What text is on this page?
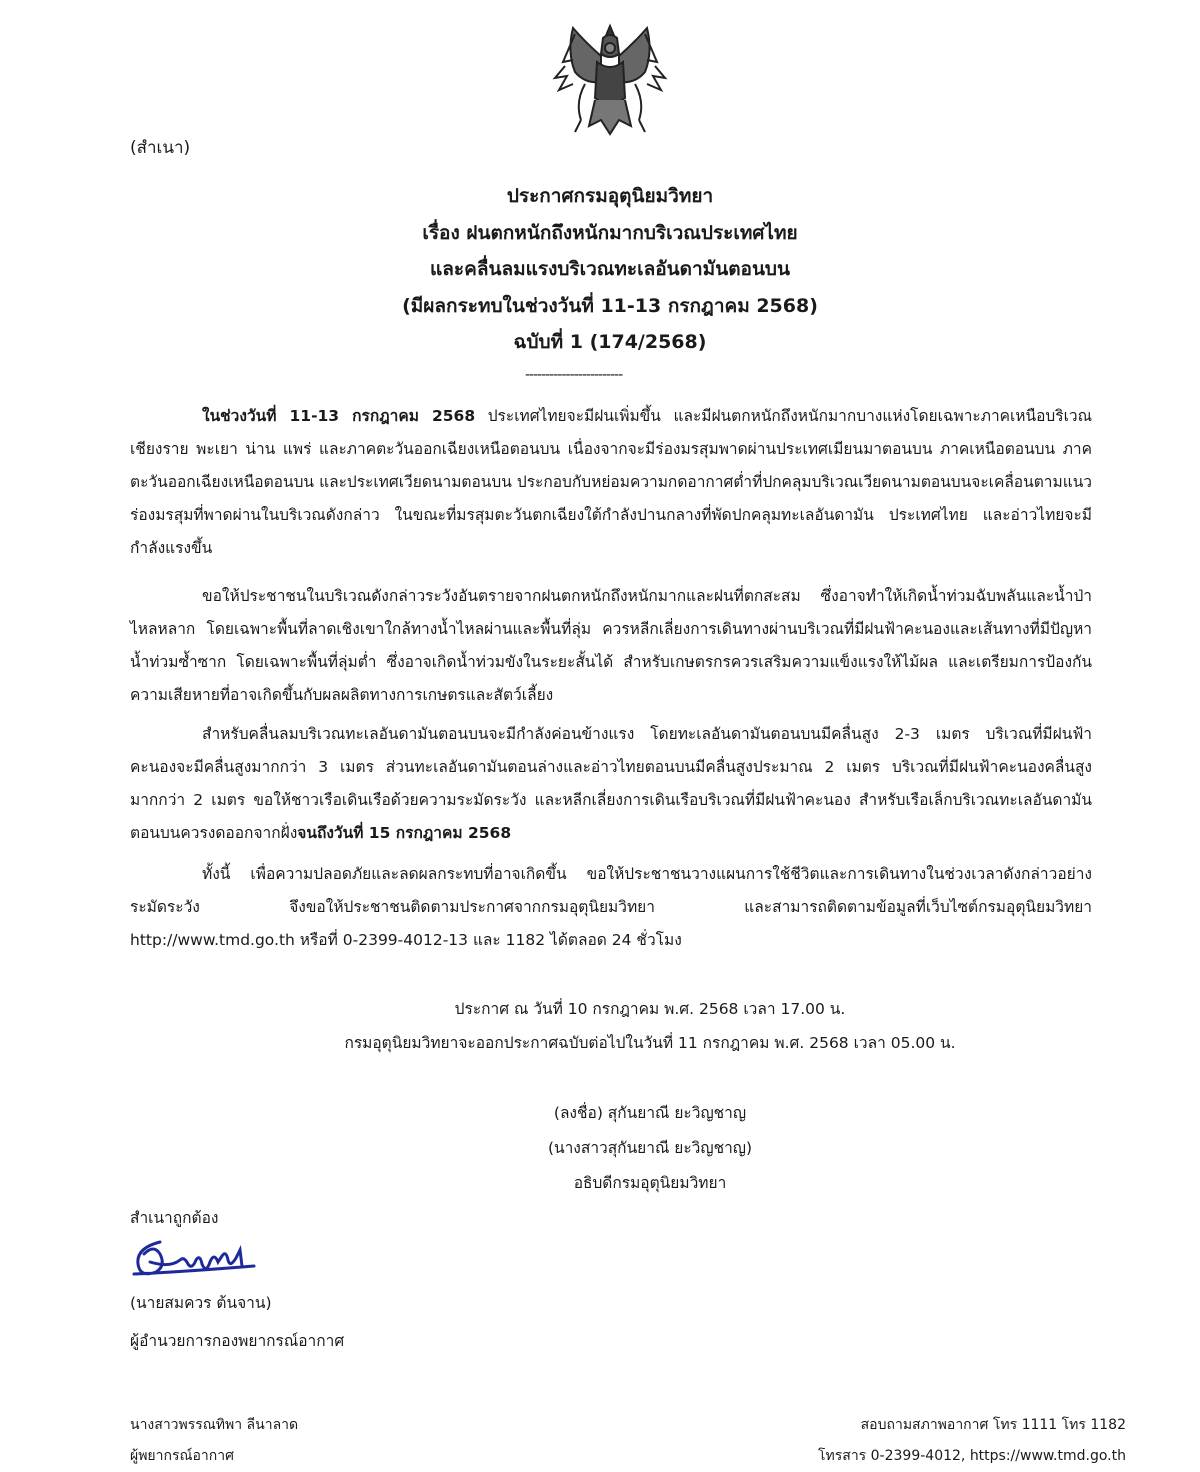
(สำเนา)
ประกาศกรมอุตุนิยมวิทยา
เรื่อง ฝนตกหนักถึงหนักมากบริเวณประเทศไทย
และคลื่นลมแรงบริเวณทะเลอันดามันตอนบน
(มีผลกระทบในช่วงวันที่ 11-13 กรกฎาคม 2568)
ฉบับที่ 1 (174/2568)
------------------------
ในช่วงวันที่ 11-13 กรกฎาคม 2568 ประเทศไทยจะมีฝนเพิ่มขึ้น และมีฝนตกหนักถึงหนักมากบางแห่งโดยเฉพาะภาคเหนือบริเวณเชียงราย พะเยา น่าน แพร่ และภาคตะวันออกเฉียงเหนือตอนบน เนื่องจากจะมีร่องมรสุมพาดผ่านประเทศเมียนมาตอนบน ภาคเหนือตอนบน ภาคตะวันออกเฉียงเหนือตอนบน และประเทศเวียดนามตอนบน ประกอบกับหย่อมความกดอากาศต่ำที่ปกคลุมบริเวณเวียดนามตอนบนจะเคลื่อนตามแนวร่องมรสุมที่พาดผ่านในบริเวณดังกล่าว ในขณะที่มรสุมตะวันตกเฉียงใต้กำลังปานกลางที่พัดปกคลุมทะเลอันดามัน ประเทศไทย และอ่าวไทยจะมีกำลังแรงขึ้น
ขอให้ประชาชนในบริเวณดังกล่าวระวังอันตรายจากฝนตกหนักถึงหนักมากและฝนที่ตกสะสม ซึ่งอาจทำให้เกิดน้ำท่วมฉับพลันและน้ำป่าไหลหลาก โดยเฉพาะพื้นที่ลาดเชิงเขาใกล้ทางน้ำไหลผ่านและพื้นที่ลุ่ม ควรหลีกเลี่ยงการเดินทางผ่านบริเวณที่มีฝนฟ้าคะนองและเส้นทางที่มีปัญหาน้ำท่วมซ้ำซาก โดยเฉพาะพื้นที่ลุ่มต่ำ ซึ่งอาจเกิดน้ำท่วมขังในระยะสั้นได้ สำหรับเกษตรกรควรเสริมความแข็งแรงให้ไม้ผล และเตรียมการป้องกันความเสียหายที่อาจเกิดขึ้นกับผลผลิตทางการเกษตรและสัตว์เลี้ยง
สำหรับคลื่นลมบริเวณทะเลอันดามันตอนบนจะมีกำลังค่อนข้างแรง โดยทะเลอันดามันตอนบนมีคลื่นสูง 2-3 เมตร บริเวณที่มีฝนฟ้าคะนองจะมีคลื่นสูงมากกว่า 3 เมตร ส่วนทะเลอันดามันตอนล่างและอ่าวไทยตอนบนมีคลื่นสูงประมาณ 2 เมตร บริเวณที่มีฝนฟ้าคะนองคลื่นสูงมากกว่า 2 เมตร ขอให้ชาวเรือเดินเรือด้วยความระมัดระวัง และหลีกเลี่ยงการเดินเรือบริเวณที่มีฝนฟ้าคะนอง สำหรับเรือเล็กบริเวณทะเลอันดามันตอนบนควรงดออกจากฝั่งจนถึงวันที่ 15 กรกฎาคม 2568
ทั้งนี้ เพื่อความปลอดภัยและลดผลกระทบที่อาจเกิดขึ้น ขอให้ประชาชนวางแผนการใช้ชีวิตและการเดินทางในช่วงเวลาดังกล่าวอย่างระมัดระวัง จึงขอให้ประชาชนติดตามประกาศจากกรมอุตุนิยมวิทยา และสามารถติดตามข้อมูลที่เว็บไซต์กรมอุตุนิยมวิทยา http://www.tmd.go.th หรือที่ 0-2399-4012-13 และ 1182 ได้ตลอด 24 ชั่วโมง
ประกาศ ณ วันที่ 10 กรกฎาคม พ.ศ. 2568 เวลา 17.00 น.
กรมอุตุนิยมวิทยาจะออกประกาศฉบับต่อไปในวันที่ 11 กรกฎาคม พ.ศ. 2568 เวลา 05.00 น.
(ลงชื่อ) สุกันยาณี ยะวิญชาญ
(นางสาวสุกันยาณี ยะวิญชาญ)
อธิบดีกรมอุตุนิยมวิทยา
สำเนาถูกต้อง
(นายสมควร ต้นจาน)
ผู้อำนวยการกองพยากรณ์อากาศ
นางสาวพรรณทิพา ลีนาลาด
ผู้พยากรณ์อากาศ
สอบถามสภาพอากาศ โทร 1111 โทร 1182
โทรสาร 0-2399-4012, https://www.tmd.go.th
